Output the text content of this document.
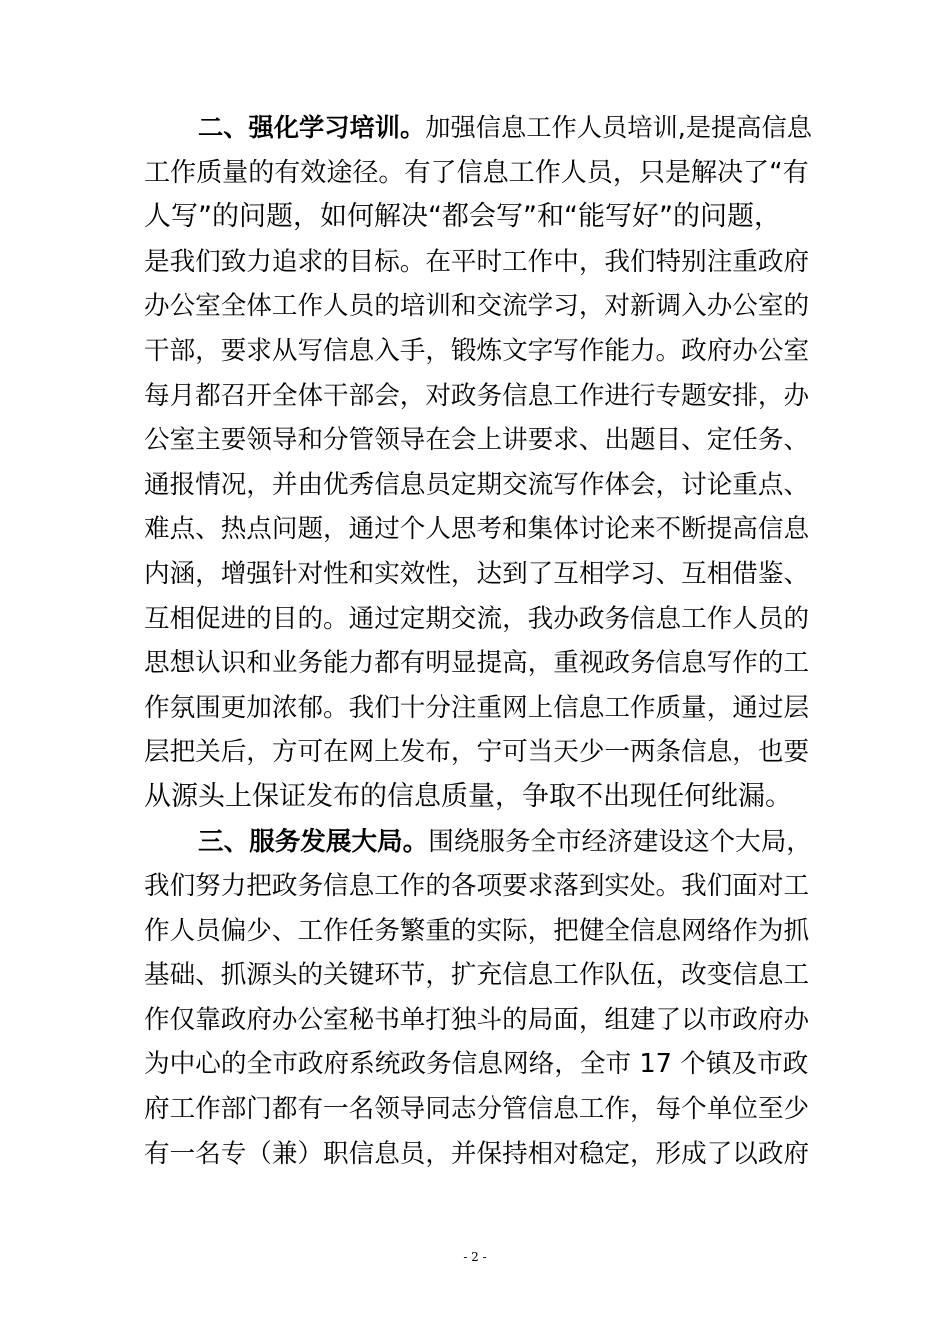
二、强化学习培训。加强信息工作人员培训,是提高信息
工作质量的有效途径。有了信息工作人员，只是解决了“有
人写”的问题，如何解决“都会写”和“能写好”的问题，
是我们致力追求的目标。在平时工作中，我们特别注重政府
办公室全体工作人员的培训和交流学习，对新调入办公室的
干部，要求从写信息入手，锻炼文字写作能力。政府办公室
每月都召开全体干部会，对政务信息工作进行专题安排，办
公室主要领导和分管领导在会上讲要求、出题目、定任务、
通报情况，并由优秀信息员定期交流写作体会，讨论重点、
难点、热点问题，通过个人思考和集体讨论来不断提高信息
内涵，增强针对性和实效性，达到了互相学习、互相借鉴、
互相促进的目的。通过定期交流，我办政务信息工作人员的
思想认识和业务能力都有明显提高，重视政务信息写作的工
作氛围更加浓郁。我们十分注重网上信息工作质量，通过层
层把关后，方可在网上发布，宁可当天少一两条信息，也要
从源头上保证发布的信息质量，争取不出现任何纰漏。
三、服务发展大局。围绕服务全市经济建设这个大局，
我们努力把政务信息工作的各项要求落到实处。我们面对工
作人员偏少、工作任务繁重的实际，把健全信息网络作为抓
基础、抓源头的关键环节，扩充信息工作队伍，改变信息工
作仅靠政府办公室秘书单打独斗的局面，组建了以市政府办
为中心的全市政府系统政务信息网络，全市 17 个镇及市政
府工作部门都有一名领导同志分管信息工作，每个单位至少
有一名专（兼）职信息员，并保持相对稳定，形成了以政府
- 2 -
